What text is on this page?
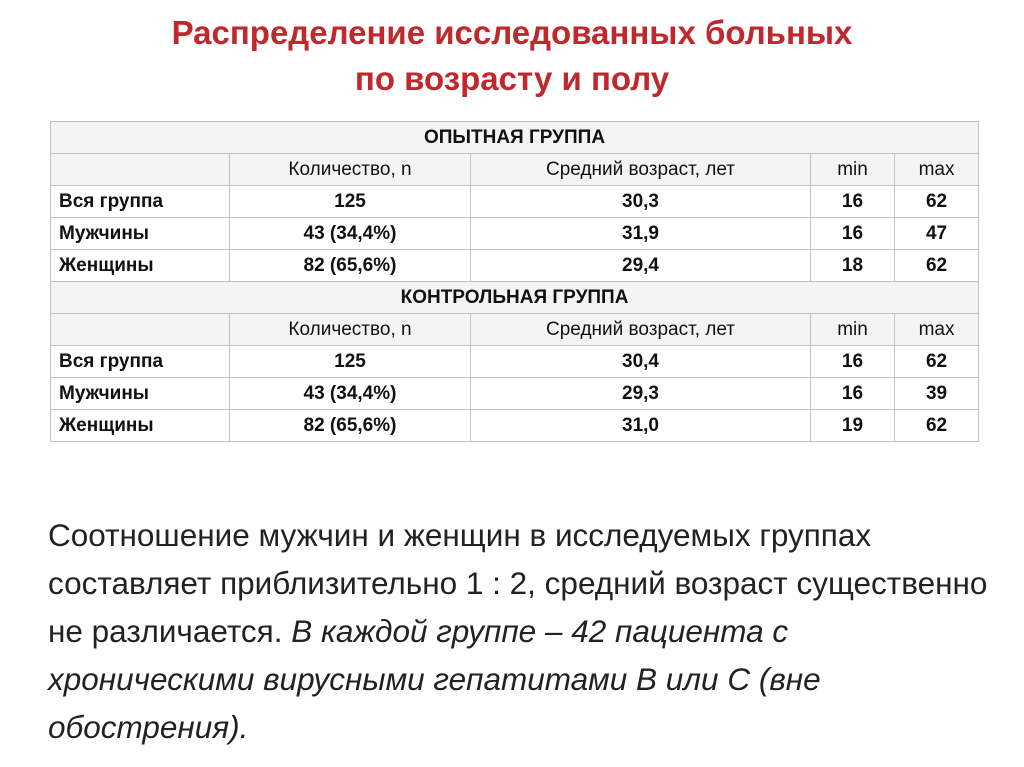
Распределение исследованных больных
по возрасту и полу
ОПЫТНАЯ ГРУППА				
	Количество, n	Средний возраст, лет	min	max
Вся группа	125	30,3	16	62
Мужчины	43 (34,4%)	31,9	16	47
Женщины	82 (65,6%)	29,4	18	62
КОНТРОЛЬНАЯ ГРУППА				
	Количество, n	Средний возраст, лет	min	max
Вся группа	125	30,4	16	62
Мужчины	43 (34,4%)	29,3	16	39
Женщины	82 (65,6%)	31,0	19	62

Соотношение мужчин и женщин в исследуемых группах составляет приблизительно 1 : 2, средний возраст существенно не различается. В каждой группе – 42 пациента с хроническими вирусными гепатитами В или С (вне обострения).
